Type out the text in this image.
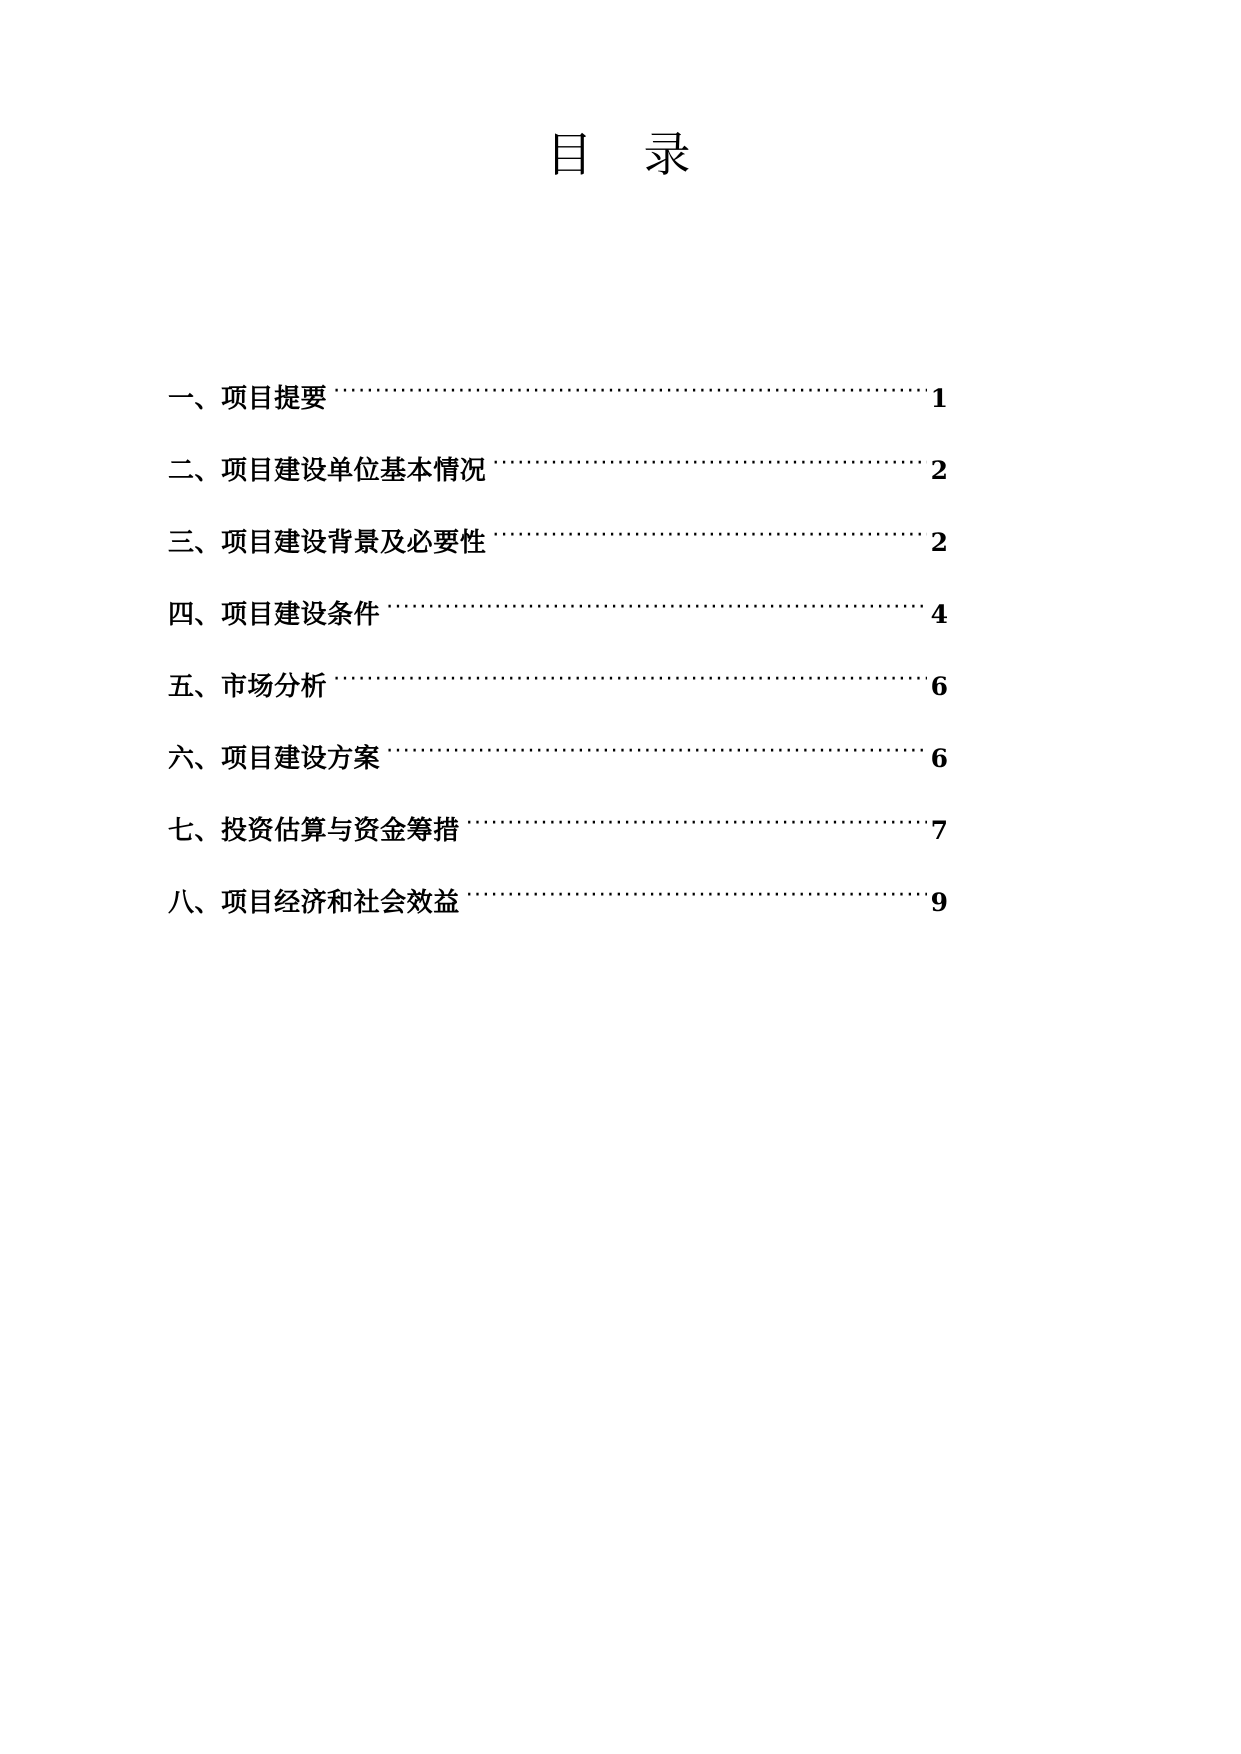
目 录
一、项目提要 ·····	1
二、项目建设单位基本情况 ·····	2
三、项目建设背景及必要性 ·····	2
四、项目建设条件 ·····	4
五、市场分析 ·····	6
六、项目建设方案 ·····	6
七、投资估算与资金筹措 ·····	7
八、项目经济和社会效益 ·····	9
